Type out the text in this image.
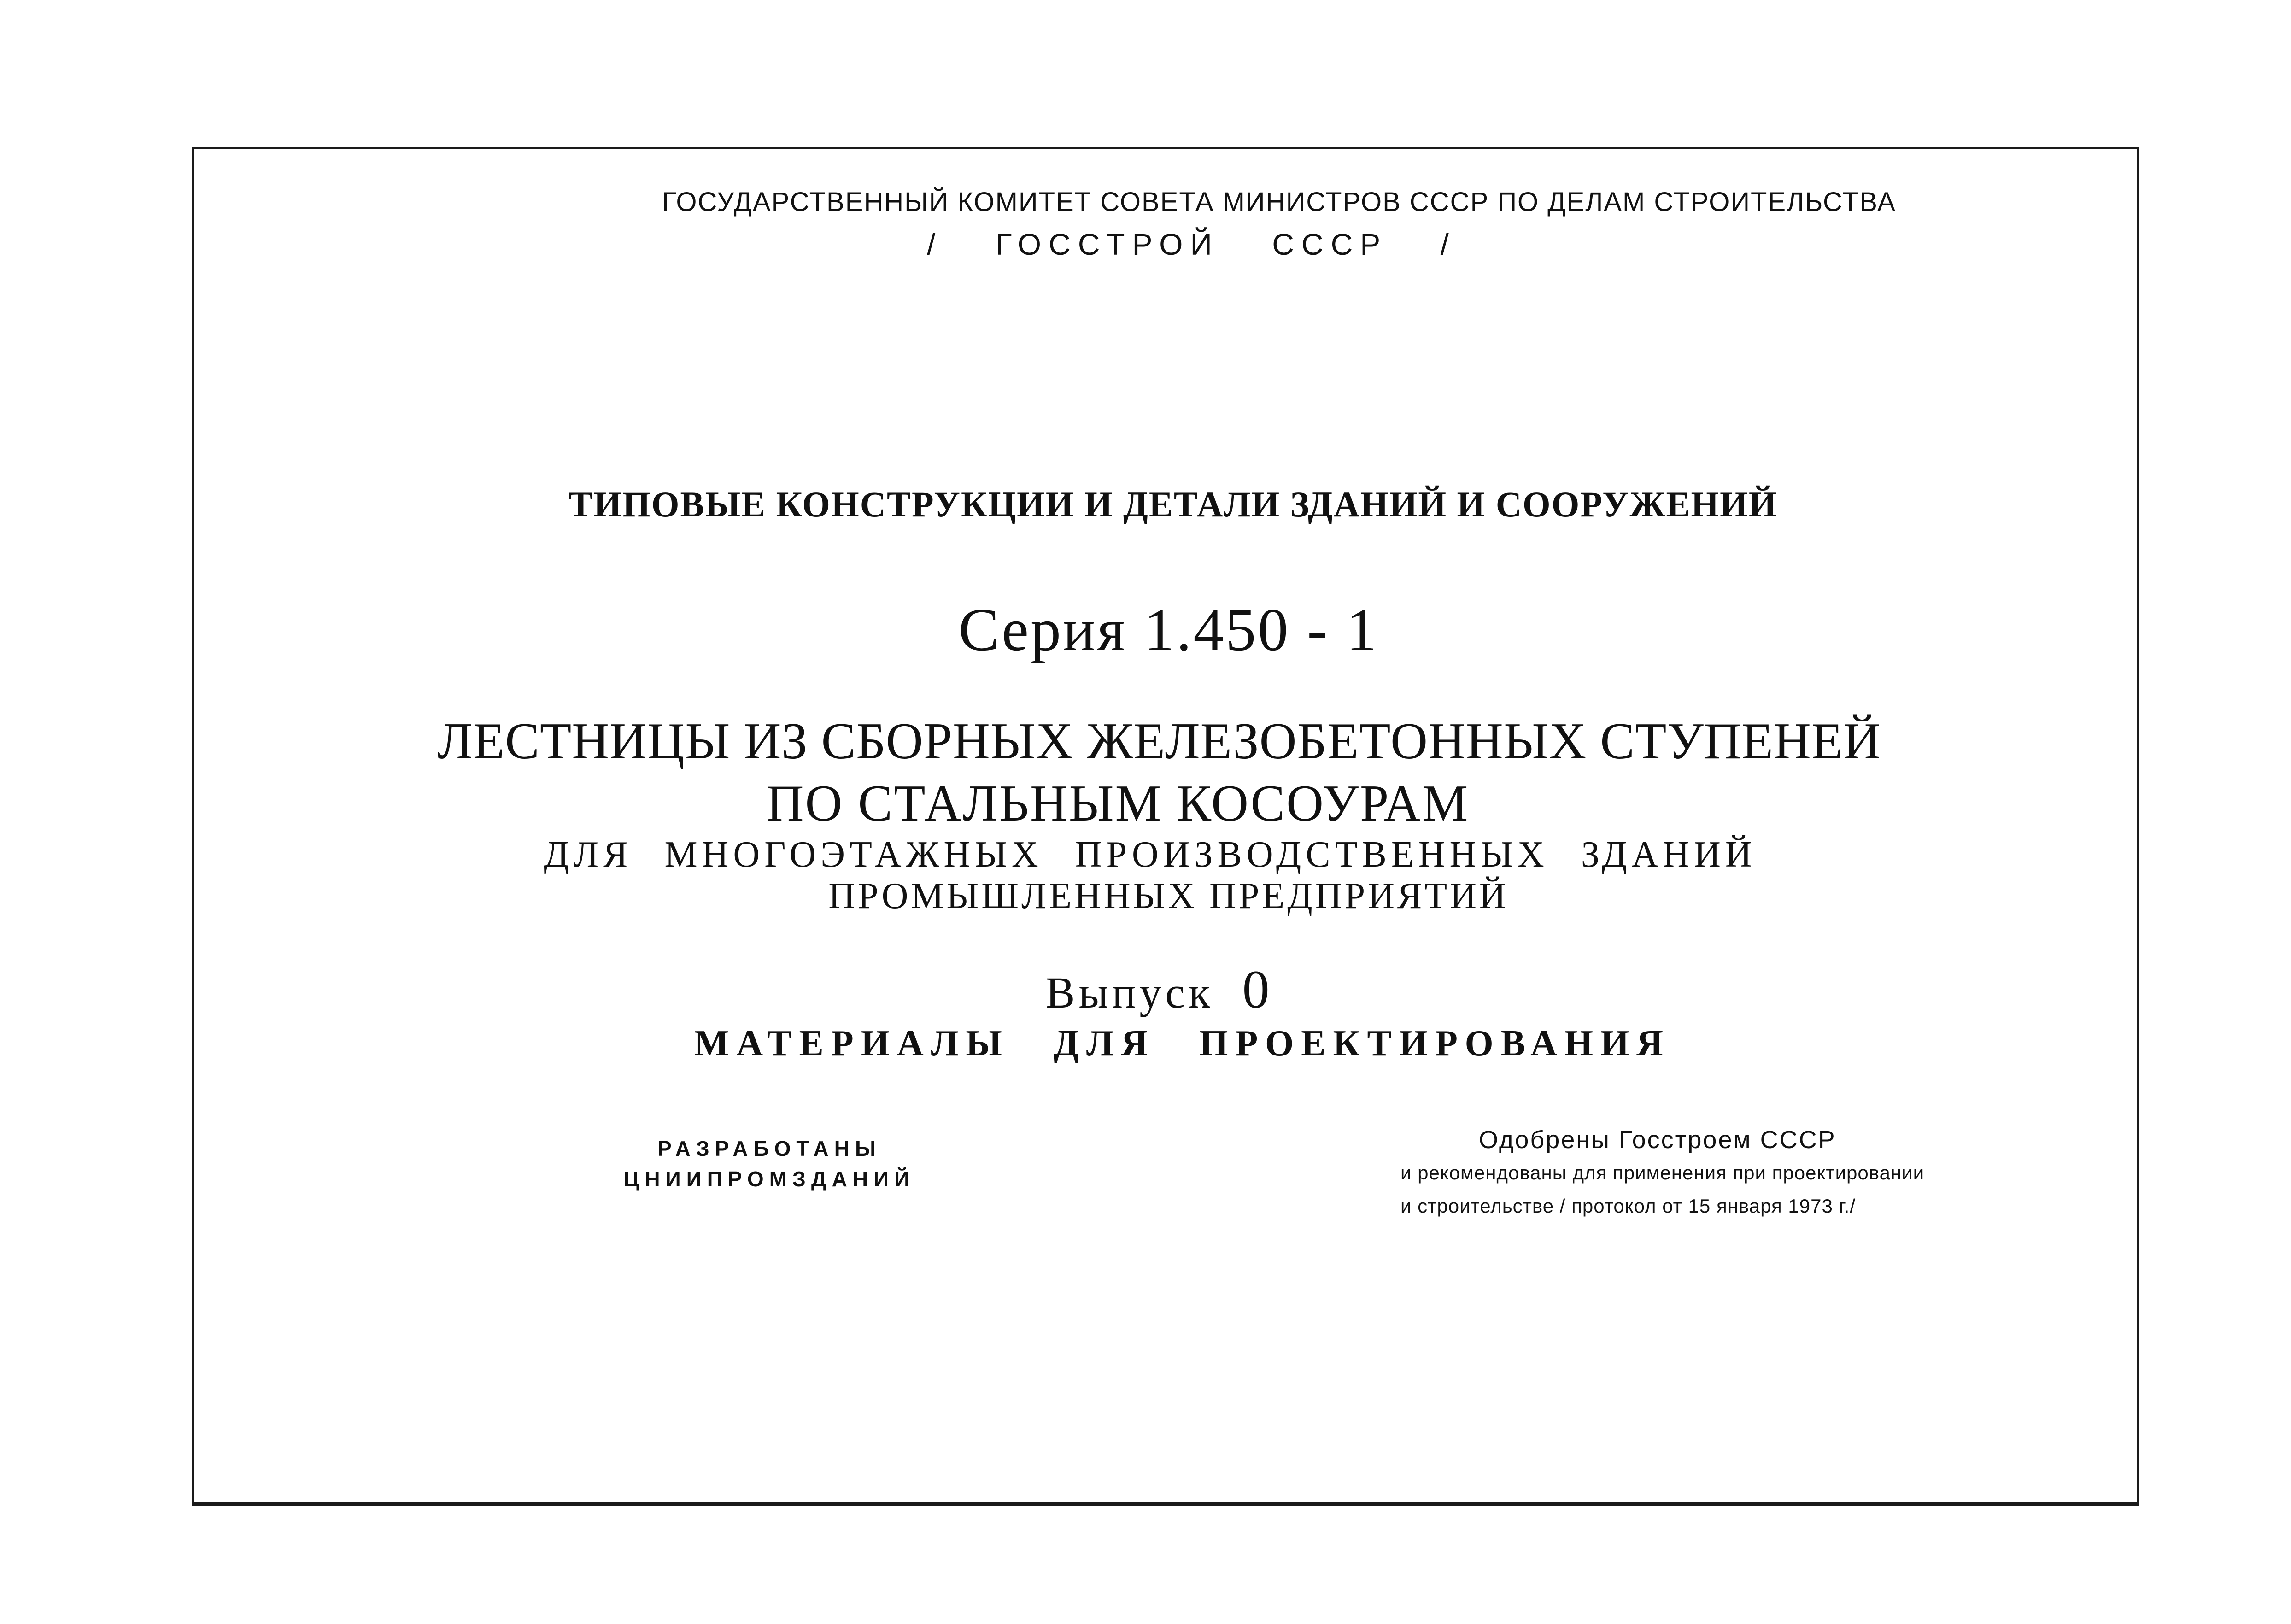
ГОСУДАРСТВЕННЫЙ КОМИТЕТ СОВЕТА МИНИСТРОВ СССР ПО ДЕЛАМ СТРОИТЕЛЬСТВА
/ ГОССТРОЙ СССР /
ТИПОВЫЕ КОНСТРУКЦИИ И ДЕТАЛИ ЗДАНИЙ И СООРУЖЕНИЙ
Серия 1.450 - 1
ЛЕСТНИЦЫ ИЗ СБОРНЫХ ЖЕЛЕЗОБЕТОННЫХ СТУПЕНЕЙ
ПО СТАЛЬНЫМ КОСОУРАМ
ДЛЯ МНОГОЭТАЖНЫХ ПРОИЗВОДСТВЕННЫХ ЗДАНИЙ
ПРОМЫШЛЕННЫХ ПРЕДПРИЯТИЙ
Выпуск 0
МАТЕРИАЛЫ ДЛЯ ПРОЕКТИРОВАНИЯ
РАЗРАБОТАНЫ
ЦНИИПРОМЗДАНИЙ
Одобрены Госстроем СССР
и рекомендованы для применения при проектировании
и строительстве / протокол от 15 января 1973 г./
